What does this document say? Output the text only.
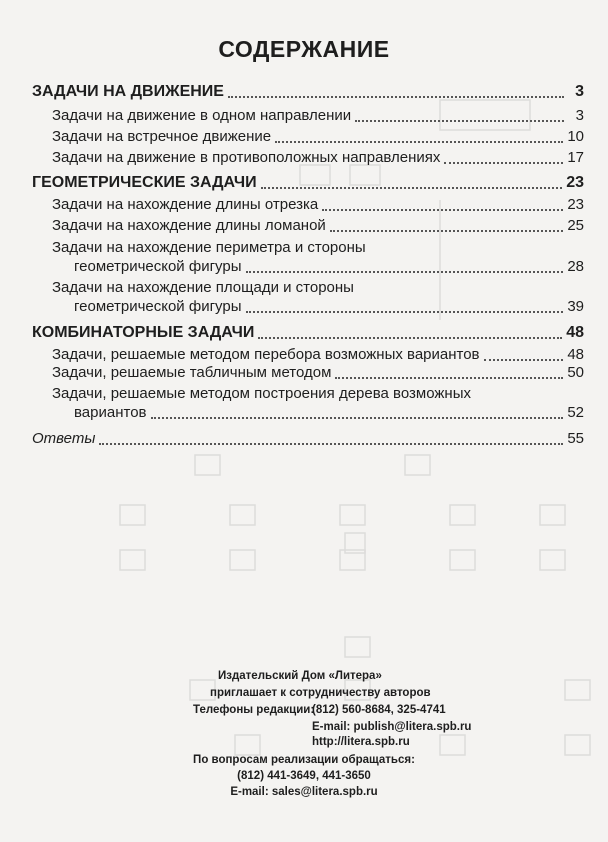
СОДЕРЖАНИЕ
ЗАДАЧИ НА ДВИЖЕНИЕ	3
Задачи на движение в одном направлении	3
Задачи на встречное движение	10
Задачи на движение в противоположных направлениях	17
ГЕОМЕТРИЧЕСКИЕ ЗАДАЧИ	23
Задачи на нахождение длины отрезка	23
Задачи на нахождение длины ломаной	25
Задачи на нахождение периметра и стороны
геометрической фигуры	28
Задачи на нахождение площади и стороны
геометрической фигуры	39
КОМБИНАТОРНЫЕ ЗАДАЧИ	48
Задачи, решаемые методом перебора возможных вариантов	48
Задачи, решаемые табличным методом	50
Задачи, решаемые методом построения дерева возможных
вариантов	52
Ответы	55
Издательский Дом «Литера»
приглашает к сотрудничеству авторов
Телефоны редакции:
(812) 560-8684, 325-4741
E-mail: publish@litera.spb.ru
http://litera.spb.ru
По вопросам реализации обращаться:
(812) 441-3649, 441-3650
E-mail: sales@litera.spb.ru
